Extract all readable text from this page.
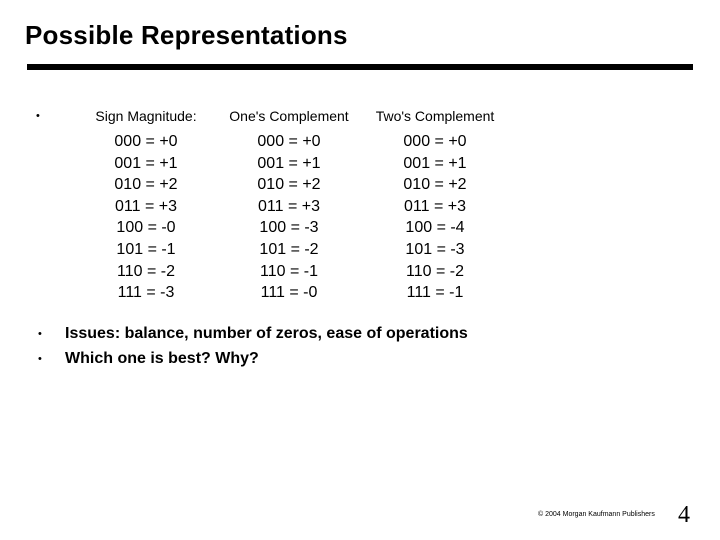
Possible Representations
•	Sign Magnitude:
000 = +0
001 = +1
010 = +2
011 = +3
100 = -0
101 = -1
110 = -2
111 = -3
One's Complement
000 = +0
001 = +1
010 = +2
011 = +3
100 = -3
101 = -2
110 = -1
111 = -0
Two's Complement
000 = +0
001 = +1
010 = +2
011 = +3
100 = -4
101 = -3
110 = -2
111 = -1
• Issues: balance, number of zeros, ease of operations
• Which one is best? Why?
© 2004 Morgan Kaufmann Publishers 4
